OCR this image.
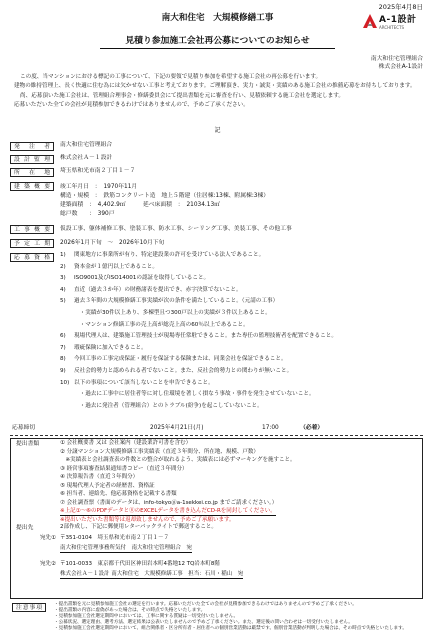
2025年4月8日
A-1設計
ARCHITECTS
南大和住宅　大規模修繕工事
見積り参加施工会社再公募についてのお知らせ
南大和住宅管理組合
株式会社A-1設計

この度、当マンションにおける標記の工事について、下記の要領で見積り参加を希望する施工会社の再公募を行います。

建物の維持管理上、長く快適に住む為には欠かせない工事と考えております。ご理解頂き、実力・誠実・実績のある施工会社の推薦応募をお待ちしております。

尚、応募頂いた施工会社は、管理組合理事会・修繕委員会にて提出書類を元に審査を行い、見積依頼する施工会社を選定します。

応募いただいた全ての会社が見積参加できるわけではありませんので、予めご了承ください。

記
発注者	南大和住宅管理組合
設計監理	株式会社Ａ－１設計
所在地	埼玉県和光市南２丁目１－７
建築概要	竣工年月日　：　1970年11月
構造・規模　：　鉄筋コンクリート造　地上５階建（住居棟:13棟、附属棟:3棟）
建築面積　：　4,402.9㎡　　　延べ床面積　：　21034.13㎡
総戸数　　：　390戸
工事概要	仮設工事、躯体補修工事、塗装工事、防水工事、シーリング工事、美装工事、その他工事
予定工期	2026年1月下旬　～　2026年10月下旬
応募資格	1) 関東地方に事業所が有り、特定建設業の許可を受けている法人であること。
2) 資本金が１億円以上であること。
3) ISO9001及びISO14001の認証を取得していること。
4) 直近（過去３か年）の財務諸表を提出でき、赤字決算でないこと。
5) 過去３年間の大規模修繕工事実績が次の条件を満たしていること。（元請の工事）
　・実績が30件以上あり、多棟型且つ300戸以上の実績が３件以上あること。
　・マンション修繕工事の売上高が総売上高の60％以上であること。
6) 現場代理人は、建築施工管理技士が現場専任常駐できること。また専任の監理技術者を配置できること。
7) 瑕疵保険に加入できること。
8) 今回工事の工事完成保証・履行を保証する保険または、同業会社を保証できること。
9) 反社会的勢力と認められる者でないこと。また、反社会的勢力との関わりが無いこと。
10) 以下の事項について該当しないことを申告できること。
　・過去に工事中に居住者等に対し住環境を著しく損なう事故・事件を発生させていないこと。
　・過去に発注者（管理組合）とのトラブル(紛争)を起こしていないこと。
応募締切	2025年4月21日(月)	17:00	（必着）
提出書類	① 会社概要書 又は 会社案内（建設業許可書を含む）
② 分譲マンション大規模修繕工事実績表（直近３年間分、所在地、規模、戸数）
　※実績表と会社調査表の件数との整合が取れるよう、実績表には必ずマーキングを施すこと。
③ 経営事項審査結果通知書コピー（直近３年間分）
④ 決算報告書（直近３年間分）
⑤ 現場代理人予定者の経歴書、資格証
⑥ 担当者、連絡先、他応募資格を記載する書類
⑦ 会社調査票（書面のデータは、info-tokyo＠a-1sekkei.co.jp までご請求ください。）
※上記①～⑥のPDFデータとⓇのEXCELデータを書き込んだCD-Rを同封してください。
※提出いただいた書類等は返却致しませんので、予めご了承願います。
提出先	2部作成し、下記に郵便用レターパックライトで郵送すること。
宛先① 〒351-0104　埼玉県和光市南２丁目１－７
南大和住宅管理事務所気付　南大和住宅管理組合　宛
宛先② 〒101-0033　東京都千代田区神田岩本町4番地12 TQ岩本町8階
株式会社Ａ－１設計 南大和住宅　大規模修繕工事　担当：石川・稲山　宛
注意事項
・提出書類を元に見積参加施工会社の選定を行います。応募いただいた全ての会社が見積参加できるわけではありませんので予めご了承ください。
・提出書類の内容に虚偽があった場合は、その時点で失格といたします。
・見積参加施工会社選定期間中においては、工事に関する質疑は一切受付いたしません。
・公募状況、選定理由、選考方法、選定結果は公表いたしませんので予めご了承ください。また、選定後の問い合わせは一切受付いたしません。
・見積参加施工会社選定期間中において、組合関係者・区分所有者・居住者への個別営業活動は厳禁です。個別営業活動が判明した場合は、その時点で失格といたします。
